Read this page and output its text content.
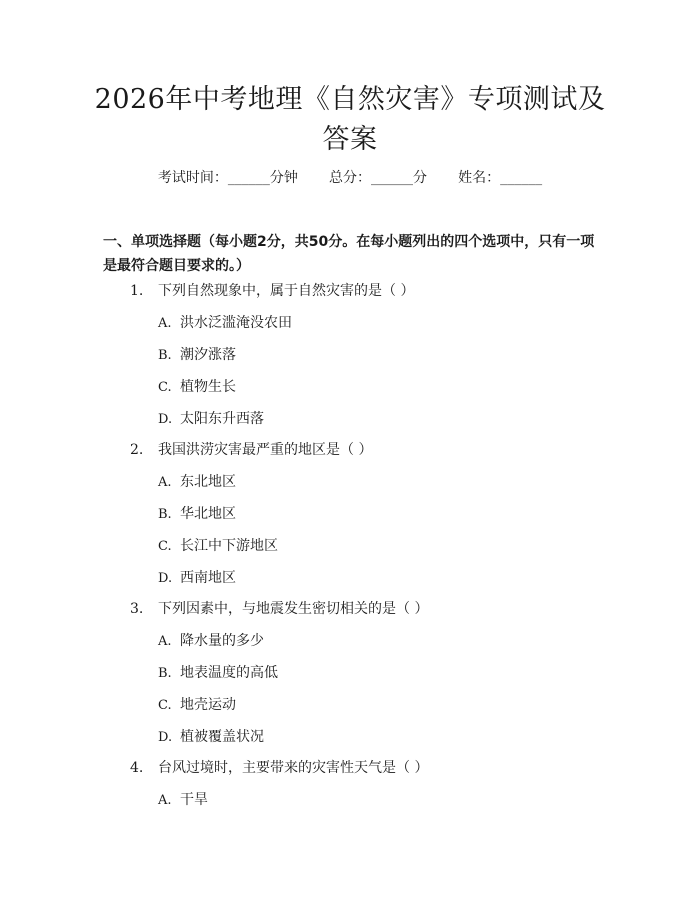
2026年中考地理《自然灾害》专项测试及答案
考试时间：______分钟 总分：______分 姓名：______
一、单项选择题（每小题2分，共50分。在每小题列出的四个选项中，只有一项是最符合题目要求的。）
1. 下列自然现象中，属于自然灾害的是（ ）
A. 洪水泛滥淹没农田
B. 潮汐涨落
C. 植物生长
D. 太阳东升西落
2. 我国洪涝灾害最严重的地区是（ ）
A. 东北地区
B. 华北地区
C. 长江中下游地区
D. 西南地区
3. 下列因素中，与地震发生密切相关的是（ ）
A. 降水量的多少
B. 地表温度的高低
C. 地壳运动
D. 植被覆盖状况
4. 台风过境时，主要带来的灾害性天气是（ ）
A. 干旱
